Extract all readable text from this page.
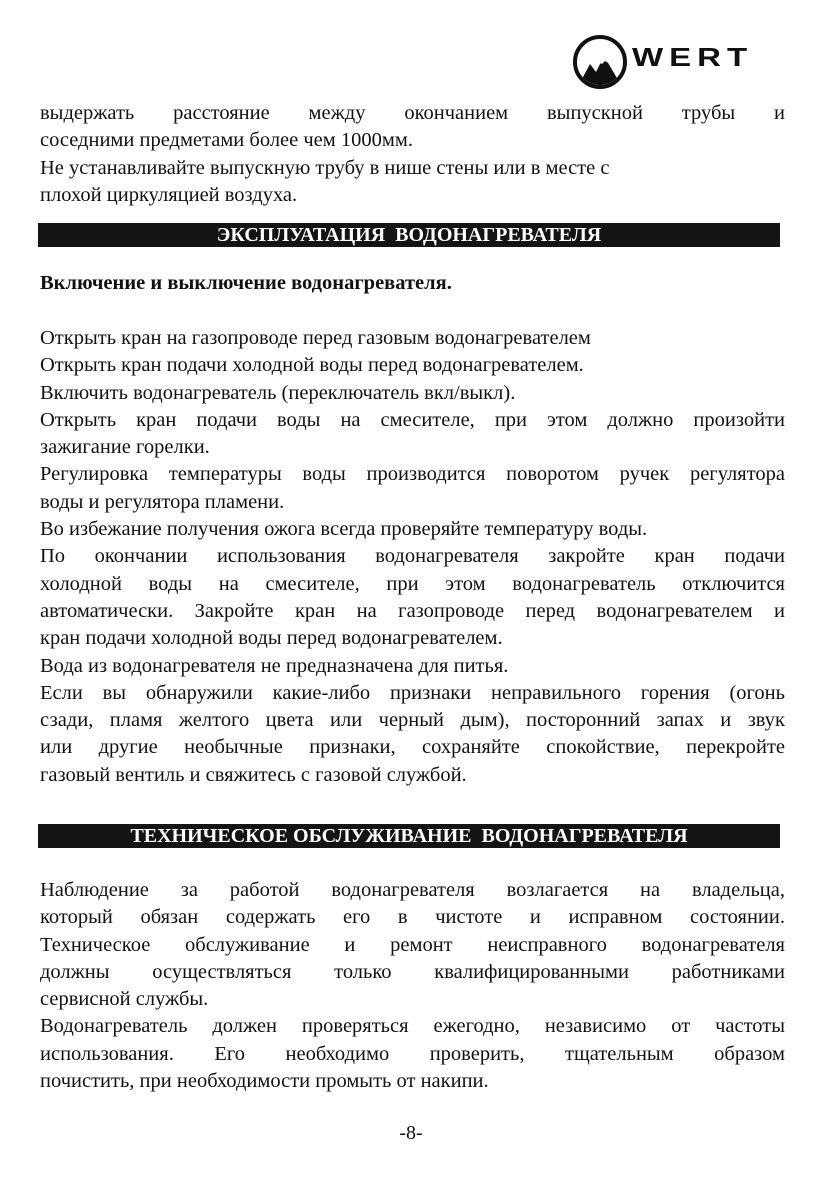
WERT
выдержать расстояние между окончанием выпускной трубы и
соседними предметами более чем 1000мм.
Не устанавливайте выпускную трубу в нише стены или в месте с
плохой циркуляцией воздуха.
ЭКСПЛУАТАЦИЯ  ВОДОНАГРЕВАТЕЛЯ

Включение и выключение водонагревателя.

Открыть кран на газопроводе перед газовым водонагревателем
Открыть кран подачи холодной воды перед водонагревателем.
Включить водонагреватель (переключатель вкл/выкл).
Открыть кран подачи воды на смесителе, при этом должно произойти
зажигание горелки.
Регулировка температуры воды производится поворотом ручек регулятора
воды и регулятора пламени.
Во избежание получения ожога всегда проверяйте температуру воды.
По окончании использования водонагревателя закройте кран подачи
холодной воды на смесителе, при этом водонагреватель отключится
автоматически. Закройте кран на газопроводе перед водонагревателем и
кран подачи холодной воды перед водонагревателем.
Вода из водонагревателя не предназначена для питья.
Если вы обнаружили какие-либо признаки неправильного горения (огонь
сзади, пламя желтого цвета или черный дым), посторонний запах и звук
или другие необычные признаки, сохраняйте спокойствие, перекройте
газовый вентиль и свяжитесь с газовой службой.
ТЕХНИЧЕСКОЕ ОБСЛУЖИВАНИЕ  ВОДОНАГРЕВАТЕЛЯ
Наблюдение за работой водонагревателя возлагается на владельца,
который обязан содержать его в чистоте и исправном состоянии.
Техническое обслуживание и ремонт неисправного водонагревателя
должны осуществляться только квалифицированными работниками
сервисной службы.
Водонагреватель должен проверяться ежегодно, независимо от частоты
использования. Его необходимо проверить, тщательным образом
почистить, при необходимости промыть от накипи.
-8-
